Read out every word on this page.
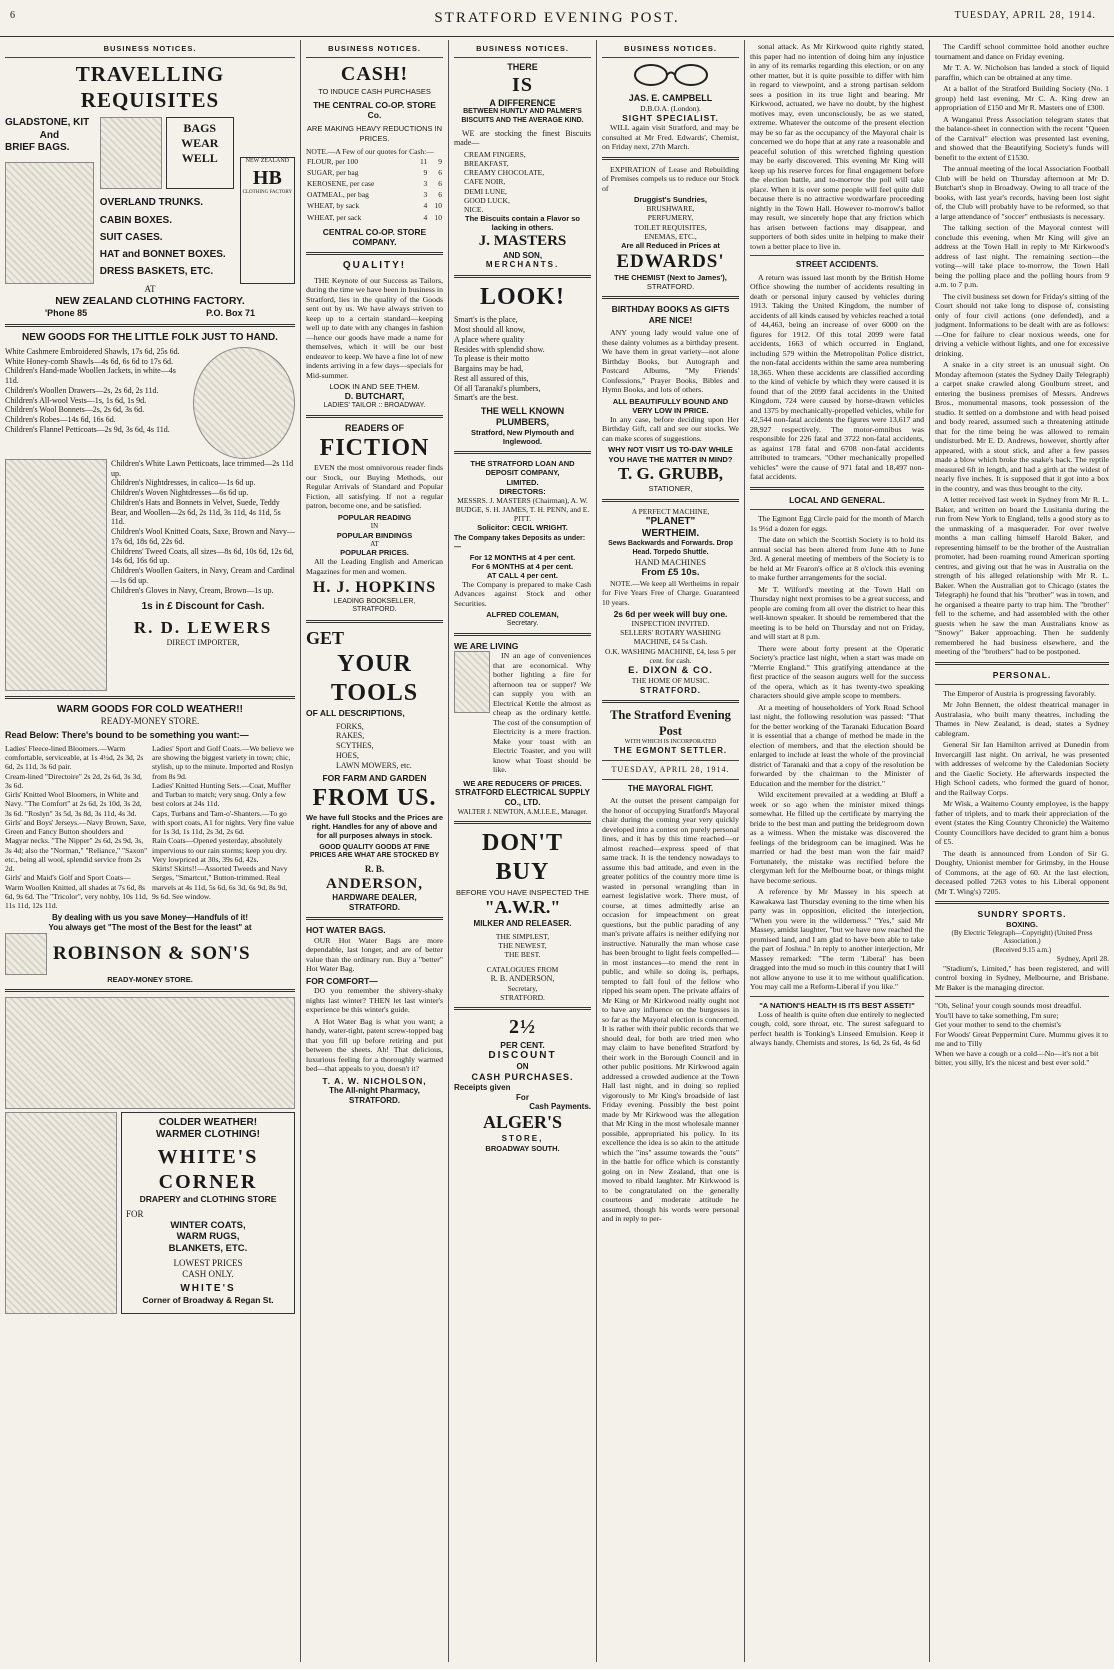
6	STRATFORD EVENING POST.	TUESDAY, APRIL 28, 1914.
BUSINESS NOTICES.
TRAVELLING REQUISITES
GLADSTONE, KIT
And
BRIEF BAGS.
BAGS WEAR WELL
OVERLAND TRUNKS.
CABIN BOXES.
SUIT CASES.
HAT and BONNET BOXES.
DRESS BASKETS, ETC.
NEW ZEALAND
HB
CLOTHING FACTORY
AT
NEW ZEALAND CLOTHING FACTORY.
'Phone 85	P.O. Box 71
NEW GOODS FOR THE LITTLE FOLK JUST TO HAND.
White Cashmere Embroidered Shawls, 17s 6d, 25s 6d.
White Honey-comb Shawls—4s 6d, 6s 6d to 17s 6d.
Children's Hand-made Woollen Jackets, in white—4s 11d.
Children's Woollen Drawers—2s, 2s 6d, 2s 11d.
Children's All-wool Vests—1s, 1s 6d, 1s 9d.
Children's Wool Bonnets—2s, 2s 6d, 3s 6d.
Children's Robes—14s 6d, 16s 6d.
Children's Flannel Petticoats—2s 9d, 3s 6d, 4s 11d.
Children's White Lawn Petticoats, lace trimmed—2s 11d up.
Children's Nightdresses, in calico—1s 6d up.
Children's Woven Nightdresses—6s 6d up.
Children's Hats and Bonnets in Velvet, Suede, Teddy Bear, and Woollen—2s 6d, 2s 11d, 3s 11d, 4s 11d, 5s 11d.
Children's Wool Knitted Coats, Saxe, Brown and Navy—17s 6d, 18s 6d, 22s 6d.
Childrens' Tweed Coats, all sizes—8s 6d, 10s 6d, 12s 6d, 14s 6d, 16s 6d up.
Children's Woollen Gaiters, in Navy, Cream and Cardinal—1s 6d up.
Children's Gloves in Navy, Cream, Brown—1s up.
1s in £ Discount for Cash.
R. D. LEWERS
DIRECT IMPORTER,
WARM GOODS FOR COLD WEATHER!!
READY-MONEY STORE.
Read Below: There's bound to be something you want:—
Ladies' Fleece-lined Bloomers.—Warm comfortable, serviceable, at 1s 4½d, 2s 3d, 2s 6d, 2s 11d, 3s 6d pair.
Cream-lined "Directoire" 2s 2d, 2s 6d, 3s 3d, 3s 6d.
Girls' Knitted Wool Bloomers, in White and Navy. "The Comfort" at 2s 6d, 2s 10d, 3s 2d, 3s 6d. "Roslyn" 3s 5d, 3s 8d, 3s 11d, 4s 3d.
Girls' and Boys' Jerseys.—Navy Brown, Saxe, Green and Fancy Button shoulders and Magyar necks. "The Nipper" 2s 6d, 2s 9d, 3s, 3s 4d; also the "Norman," "Reliance," "Saxon" etc., being all wool, splendid service from 2s 2d.
Girls' and Maid's Golf and Sport Coats—Warm Woollen Knitted, all shades at 7s 6d, 8s 6d, 9s 6d. The "Tricolor", very nobby, 10s 11d, 11s 11d, 12s 11d.
Ladies' Sport and Golf Coats.—We believe we are showing the biggest variety in town; chic, stylish, up to the minute. Imported and Roslyn from 8s 9d.
Ladies' Knitted Hunting Sets.—Coat, Muffler and Turban to match; very snug. Only a few best colors at 24s 11d.
Caps, Turbans and Tam-o'-Shanters.—To go with sport coats, A1 for nights. Very fine value for 1s 3d, 1s 11d, 2s 3d, 2s 6d.
Rain Coats—Opened yesterday, absolutely impervious to our rain storms; keep you dry. Very lowpriced at 30s, 39s 6d, 42s.
Skirts! Skirts!!—Assorted Tweeds and Navy Serges, "Smartcut," Button-trimmed. Real marvels at 4s 11d, 5s 6d, 6s 3d, 6s 9d, 8s 9d, 9s 6d. See window.
By dealing with us you save Money—Handfuls of it!
You always get "The most of the Best for the least" at
ROBINSON & SON'S
READY-MONEY STORE.
COLDER WEATHER!
WARMER CLOTHING!
WHITE'S
CORNER
DRAPERY and CLOTHING STORE
FOR
WINTER COATS,
WARM RUGS,
BLANKETS, ETC.
LOWEST PRICES
CASH ONLY.
WHITE'S
Corner of Broadway & Regan St.
BUSINESS NOTICES.
CASH!
TO INDUCE CASH PURCHASES
THE CENTRAL CO-OP. STORE Co.
ARE MAKING HEAVY REDUCTIONS IN PRICES.
NOTE.—A Few of our quotes for Cash:—
FLOUR, per 100	11	9
SUGAR, per bag	9	6
KEROSENE, per case	3	6
OATMEAL, per bag	3	6
WHEAT, by sack	4	10
WHEAT, per sack	4	10
CENTRAL CO-OP. STORE COMPANY.
QUALITY!
THE Keynote of our Success as Tailors, during the time we have been in business in Stratford, lies in the quality of the Goods sent out by us. We have always striven to keep up to a certain standard—keeping well up to date with any changes in fashion—hence our goods have made a name for themselves, which it will be our best endeavor to keep. We have a fine lot of new indents arriving in a few days—specials for Mid-summer.
LOOK IN AND SEE THEM.
D. BUTCHART,
LADIES' TAILOR :: BROADWAY.
READERS OF
FICTION
EVEN the most omnivorous reader finds our Stock, our Buying Methods, our Regular Arrivals of Standard and Popular Fiction, all satisfying. If not a regular patron, become one, and be satisfied.
POPULAR READING
IN
POPULAR BINDINGS
AT
POPULAR PRICES.
All the Leading English and American Magazines for men and women.
H. J. HOPKINS
LEADING BOOKSELLER,
STRATFORD.
GET
YOUR
TOOLS
OF ALL DESCRIPTIONS,
FORKS,
RAKES,
SCYTHES,
HOES,
LAWN MOWERS, etc.
FOR FARM AND GARDEN
FROM US.
We have full Stocks and the Prices are right. Handles for any of above and for all purposes always in stock.
GOOD QUALITY GOODS AT FINE PRICES ARE WHAT ARE STOCKED BY
R. B.
ANDERSON,
HARDWARE DEALER,
STRATFORD.
HOT WATER BAGS.
OUR Hot Water Bags are more dependable, last longer, and are of better value than the ordinary run. Buy a "better" Hot Water Bag.
FOR COMFORT—
DO you remember the shivery-shaky nights last winter? THEN let last winter's experience be this winter's guide.
A Hot Water Bag is what you want; a handy, water-tight, patent screw-topped bag that you fill up before retiring and put between the sheets. Ah! That delicious, luxurious feeling for a thoroughly warmed bed—that appeals to you, doesn't it?
T. A. W. NICHOLSON,
The All-night Pharmacy,
STRATFORD.
BUSINESS NOTICES.
THERE
IS
A DIFFERENCE
BETWEEN HUNTLY AND PALMER'S BISCUITS AND THE AVERAGE KIND.
WE are stocking the finest Biscuits made—
CREAM FINGERS,
BREAKFAST,
CREAMY CHOCOLATE,
CAFE NOIR,
DEMI LUNE,
GOOD LUCK,
NICE.
The Biscuits contain a Flavor so lacking in others.
J. MASTERS
AND SON,
MERCHANTS.
LOOK!
Smart's is the place,
Most should all know,
A place where quality
Resides with splendid show.
To please is their motto
Bargains may be had,
Rest all assured of this,
Of all Taranaki's plumbers,
Smart's are the best.
THE WELL KNOWN PLUMBERS,
Stratford, New Plymouth and Inglewood.
THE STRATFORD LOAN AND DEPOSIT COMPANY,
LIMITED.
DIRECTORS:
MESSRS. J. MASTERS (Chairman), A. W. BUDGE, S. H. JAMES, T. H. PENN, and E. PITT.
Solicitor: CECIL WRIGHT.
The Company takes Deposits as under:—
For 12 MONTHS at 4 per cent.
For 6 MONTHS at 4 per cent.
AT CALL 4 per cent.
The Company is prepared to make Cash Advances against Stock and other Securities.
ALFRED COLEMAN,
Secretary.
WE ARE LIVING
IN an age of conveniences that are economical. Why bother lighting a fire for afternoon tea or supper? We can supply you with an Electrical Kettle the almost as cheap as the ordinary kettle. The cost of the consumption of Electricity is a mere fraction. Make your toast with an Electric Toaster, and you will know what Toast should be like.
WE ARE REDUCERS OF PRICES.
STRATFORD ELECTRICAL SUPPLY CO., LTD.
WALTER J. NEWTON, A.M.I.E.E., Manager.
DON'T BUY
BEFORE YOU HAVE INSPECTED THE
"A.W.R."
MILKER AND RELEASER.
THE SIMPLEST,
THE NEWEST,
THE BEST.
CATALOGUES FROM
R. B. ANDERSON,
Secretary,
STRATFORD.
2½
PER CENT.
DISCOUNT
ON
CASH PURCHASES.
Receipts given
For
Cash Payments.
ALGER'S
STORE,
BROADWAY SOUTH.
BUSINESS NOTICES.
JAS. E. CAMPBELL
D.B.O.A. (London).
SIGHT SPECIALIST.
WILL again visit Stratford, and may be consulted at Mr Fred. Edwards', Chemist, on Friday next, 27th March.
EXPIRATION of Lease and Rebuilding of Premises compels us to reduce our Stock of
Druggist's Sundries,
BRUSHWARE,
PERFUMERY,
TOILET REQUISITES,
ENEMAS, ETC.,
Are all Reduced in Prices at
EDWARDS'
THE CHEMIST (Next to James'),
STRATFORD.
BIRTHDAY BOOKS AS GIFTS ARE NICE!
ANY young lady would value one of these dainty volumes as a birthday present. We have them in great variety—not alone Birthday Books, but Autograph and Postcard Albums, "My Friends' Confessions," Prayer Books, Bibles and Hymn Books, and lots of others.
ALL BEAUTIFULLY BOUND AND VERY LOW IN PRICE.
In any case, before deciding upon Her Birthday Gift, call and see our stocks. We can make scores of suggestions.
WHY NOT VISIT US TO-DAY WHILE YOU HAVE THE MATTER IN MIND?
T. G. GRUBB,
STATIONER,
A PERFECT MACHINE,
"PLANET"
WERTHEIM.
Sews Backwards and Forwards. Drop Head. Torpedo Shuttle.
HAND MACHINES
From £5 10s.
NOTE.—We keep all Wertheims in repair for Five Years Free of Charge. Guaranteed 10 years.
2s 6d per week will buy one.
INSPECTION INVITED.
SELLERS' ROTARY WASHING MACHINE, £4 5s Cash.
O.K. WASHING MACHINE, £4, less 5 per cent. for cash.
E. DIXON & CO.
THE HOME OF MUSIC.
STRATFORD.
The Stratford Evening Post
WITH WHICH IS INCORPORATED
THE EGMONT SETTLER.
TUESDAY, APRIL 28, 1914.
THE MAYORAL FIGHT.
At the outset the present campaign for the honor of occupying Stratford's Mayoral chair during the coming year very quickly developed into a contest on purely personal lines, and it has by this time reached—or almost reached—express speed of that same track. It is the tendency nowadays to assume this bad attitude, and even in the greater politics of the country more time is wasted in personal wrangling than in earnest legislative work. There must, of course, at times admittedly arise an occasion for impeachment on great questions, but the public parading of any man's private affairs is neither edifying nor instructive. Naturally the man whose case has been brought to light feels compelled—in most instances—to mend the rent in public, and while so doing is, perhaps, tempted to fall foul of the fellow who ripped his seam open. The private affairs of Mr King or Mr Kirkwood really ought not to have any influence on the burgesses in so far as the Mayoral election is concerned. It is rather with their public records that we should deal, for both are tried men who may claim to have benefited Stratford by their work in the Borough Council and in other public positions. Mr Kirkwood again addressed a crowded audience at the Town Hall last night, and in doing so replied vigorously to Mr King's broadside of last Friday evening. Possibly the best point made by Mr Kirkwood was the allegation that Mr King in the most wholesale manner possible, appropriated his policy. In its excellence the idea is so akin to the attitude which the "ins" assume towards the "outs" in the battle for office which is constantly going on in New Zealand, that one is moved to ribald laughter. Mr Kirkwood is to be congratulated on the generally courteous and moderate attitude he assumed, though his words were personal and in reply to per-
sonal attack. As Mr Kirkwood quite rightly stated, this paper had no intention of doing him any injustice in any of its remarks regarding this election, or on any other matter, but it is quite possible to differ with him in regard to viewpoint, and a strong partisan seldom sees a position in its true light and bearing. Mr Kirkwood, actuated, we have no doubt, by the highest motives may, even unconsciously, be as we stated, extreme. Whatever the outcome of the present election may be so far as the occupancy of the Mayoral chair is concerned we do hope that at any rate a reasonable and peaceful solution of this wretched fighting question may be early discovered. This evening Mr King will keep up his reserve forces for final engagement before the election battle, and to-morrow the poll will take place. When it is over some people will feel quite dull because there is no attractive wordwarfare proceeding nightly in the Town Hall. However to-morrow's ballot may result, we sincerely hope that any friction which has arisen between factions may disappear, and supporters of both sides unite in helping to make their town a better place to live in.
STREET ACCIDENTS.
A return was issued last month by the British Home Office showing the number of accidents resulting in death or personal injury caused by vehicles during 1913. Taking the United Kingdom, the number of accidents of all kinds caused by vehicles reached a total of 44,463, being an increase of over 6000 on the figures for 1912. Of this total 2099 were fatal accidents, 1663 of which occurred in England, including 579 within the Metropolitan Police district, the non-fatal accidents within the same area numbering 18,365. When these accidents are classified according to the kind of vehicle by which they were caused it is found that of the 2099 fatal accidents in the United Kingdom, 724 were caused by horse-drawn vehicles and 1375 by mechanically-propelled vehicles, while for 42,544 non-fatal accidents the figures were 13,617 and 28,927 respectively. The motor-omnibus was responsible for 226 fatal and 3722 non-fatal accidents, as against 178 fatal and 6708 non-fatal accidents attributed to tramcars. "Other mechanically propelled vehicles" were the cause of 971 fatal and 18,497 non-fatal accidents.
LOCAL AND GENERAL.
The Egmont Egg Circle paid for the month of March 1s 9½d a dozen for eggs.
The date on which the Scottish Society is to hold its annual social has been altered from June 4th to June 3rd. A general meeting of members of the Society is to be held at Mr Fearon's office at 8 o'clock this evening to make further arrangements for the social.
Mr T. Wilford's meeting at the Town Hall on Thursday night next promises to be a great success, and people are coming from all over the district to hear this well-known speaker. It should be remembered that the meeting is to be held on Thursday and not on Friday, and will start at 8 p.m.
There were about forty present at the Operatic Society's practice last night, when a start was made on "Merrie England." This gratifying attendance at the first practice of the season augurs well for the success of the opera, which as it has twenty-two speaking characters should give ample scope to members.
At a meeting of householders of York Road School last night, the following resolution was passed: "That for the better working of the Taranaki Education Board it is essential that a change of method be made in the election of members, and that the election should be enlarged to include at least the whole of the provincial district of Taranaki and that a copy of the resolution be forwarded by the chairman to the Minister of Education and the member for the district."
Wild excitement prevailed at a wedding at Bluff a week or so ago when the minister mixed things somewhat. He filled up the certificate by marrying the bride to the best man and putting the bridegroom down as a witness. When the mistake was discovered the feelings of the bridegroom can be imagined. Was he married or had the best man won the fair maid? Fortunately, the mistake was rectified before the clergyman left for the Melbourne boat, or things might have become serious.
A reference by Mr Massey in his speech at Kawakawa last Thursday evening to the time when his party was in opposition, elicited the interjection, "When you were in the wilderness." "Yes," said Mr Massey, amidst laughter, "but we have now reached the promised land, and I am glad to have been able to take the part of Joshua." In reply to another interjection, Mr Massey remarked: "The term 'Liberal' has been dragged into the mud so much in this country that I will not allow anyone to use it to me without qualification. You may call me a Reform-Liberal if you like."
"A NATION'S HEALTH IS ITS BEST ASSET!"
Loss of health is quite often due entirely to neglected cough, cold, sore throat, etc. The surest safeguard to perfect health is Tonking's Linseed Emulsion. Keep it always handy. Chemists and stores, 1s 6d, 2s 6d, 4s 6d
The Cardiff school committee hold another euchre tournament and dance on Friday evening.
Mr T. A. W. Nicholson has landed a stock of liquid paraffin, which can be obtained at any time.
At a ballot of the Stratford Building Society (No. 1 group) held last evening, Mr C. A. King drew an appropriation of £150 and Mr R. Masters one of £300.
A Wanganui Press Association telegram states that the balance-sheet in connection with the recent "Queen of the Carnival" election was presented last evening, and showed that the Beautifying Society's funds will benefit to the extent of £1530.
The annual meeting of the local Association Football Club will be held on Thursday afternoon at Mr D. Butchart's shop in Broadway. Owing to all trace of the books, with last year's records, having been lost sight of, the Club will probably have to be reformed, so that a large attendance of "soccer" enthusiasts is necessary.
The talking section of the Mayoral contest will conclude this evening, when Mr King will give an address at the Town Hall in reply to Mr Kirkwood's address of last night. The remaining section—the voting—will take place to-morrow, the Town Hall being the polling place and the polling hours from 9 a.m. to 7 p.m.
The civil business set down for Friday's sitting of the Court should not take long to dispose of, consisting only of four civil actions (one defended), and a judgment. Informations to be dealt with are as follows:—One for failure to clear noxious weeds, one for driving a vehicle without lights, and one for excessive drinking.
A snake in a city street is an unusual sight. On Monday afternoon (states the Sydney Daily Telegraph) a carpet snake crawled along Goulburn street, and entering the business premises of Messrs. Andrews Bros., monumental masons, took possession of the studio. It settled on a dombstone and with head poised and body reared, assumed such a threatening attitude that for the time being he was allowed to remain undisturbed. Mr E. D. Andrews, however, shortly after appeared, with a stout stick, and after a few passes made a blow which broke the snake's back. The reptile measured 6ft in length, and had a girth at the widest of nearly five inches. It is supposed that it got into a box in the country, and was thus brought to the city.
A letter received last week in Sydney from Mr R. L. Baker, and written on board the Lusitania during the run from New York to England, tells a good story as to the unmasking of a masquerader. For over twelve months a man calling himself Harold Baker, and representing himself to be the brother of the Australian promoter, had been roaming round American sporting centres, and giving out that he was in Australia on the strength of his alleged relationship with Mr R. L. Baker. When the Australian got to Chicago (states the Telegraph) he found that his "brother" was in town, and he organised a theatre party to trap him. The "brother" fell to the scheme, and had assembled with the other guests when he saw the man Australians know as "Snowy" Baker approaching. Then he suddenly remembered he had business elsewhere, and the meeting of the "brothers" had to be postponed.
PERSONAL.
The Emperor of Austria is progressing favorably.
Mr John Bennett, the oldest theatrical manager in Australasia, who built many theatres, including the Thames in New Zealand, is dead, states a Sydney cablegram.
General Sir Ian Hamilton arrived at Dunedin from Invercargill last night. On arrival, he was presented with addresses of welcome by the Caledonian Society and the Gaelic Society. He afterwards inspected the High School cadets, who formed the guard of honor, and the Railway Corps.
Mr Wisk, a Waitemo County employee, is the happy father of triplets, and to mark their appreciation of the event (states the King Country Chronicle) the Waitemo County Councillors have decided to grant him a bonus of £5.
The death is announced from London of Sir G. Doughty, Unionist member for Grimsby, in the House of Commons, at the age of 60. At the last election, deceased polled 7263 votes to his Liberal opponent (Mr T. Wing's) 7205.
SUNDRY SPORTS.
BOXING.
(By Electric Telegraph—Copyright) (United Press Association.)
(Received 9.15 a.m.)
Sydney, April 28.
"Stadium's, Limited," has been registered, and will control boxing in Sydney, Melbourne, and Brisbane. Mr Baker is the managing director.
"Oh, Selina! your cough sounds most dreadful.
You'll have to take something, I'm sure;
Get your mother to send to the chemist's
For Woods' Great Peppermint Cure. Mummu gives it to me and to Tilly
When we have a cough or a cold—No—it's not a bit bitter, you silly, It's the nicest and best ever sold."
